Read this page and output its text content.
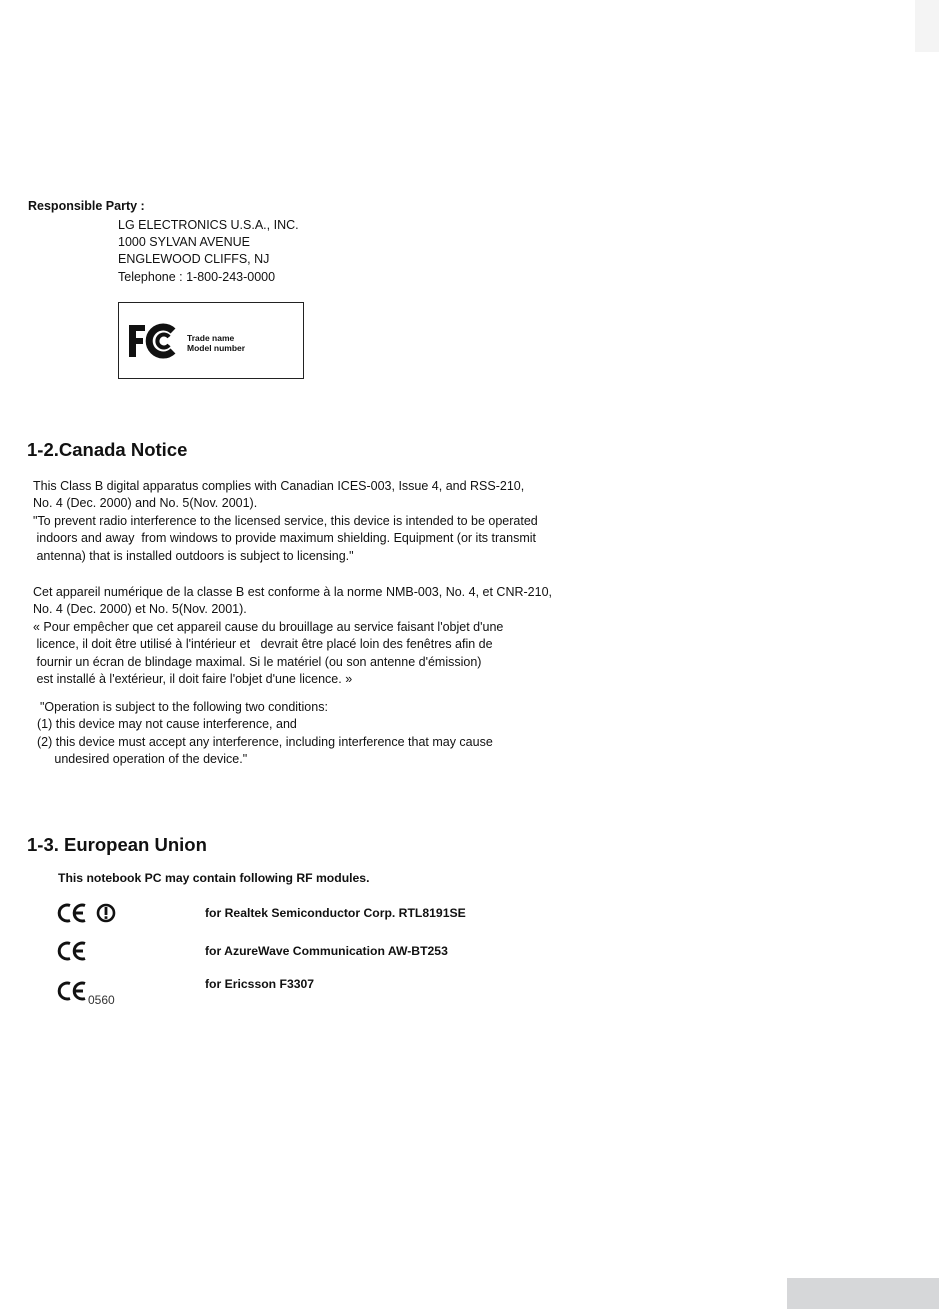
Responsible Party :
LG ELECTRONICS U.S.A., INC.
1000 SYLVAN AVENUE
ENGLEWOOD CLIFFS, NJ
Telephone : 1-800-243-0000
Trade name
Model number
1-2.Canada Notice
This Class B digital apparatus complies with Canadian ICES-003, Issue 4, and RSS-210,
No. 4 (Dec. 2000) and No. 5(Nov. 2001).
"To prevent radio interference to the licensed service, this device is intended to be operated
indoors and away  from windows to provide maximum shielding. Equipment (or its transmit
antenna) that is installed outdoors is subject to licensing."
Cet appareil numérique de la classe B est conforme à la norme NMB-003, No. 4, et CNR-210,
No. 4 (Dec. 2000) et No. 5(Nov. 2001).
« Pour empêcher que cet appareil cause du brouillage au service faisant l'objet d'une
licence, il doit être utilisé à l'intérieur et   devrait être placé loin des fenêtres afin de
fournir un écran de blindage maximal. Si le matériel (ou son antenne d'émission)
est installé à l'extérieur, il doit faire l'objet d'une licence. »
"Operation is subject to the following two conditions:
(1) this device may not cause interference, and
(2) this device must accept any interference, including interference that may cause
undesired operation of the device."
1-3. European Union
This notebook PC may contain following RF modules.
for Realtek Semiconductor Corp. RTL8191SE
for AzureWave Communication AW-BT253
0560
for Ericsson F3307
